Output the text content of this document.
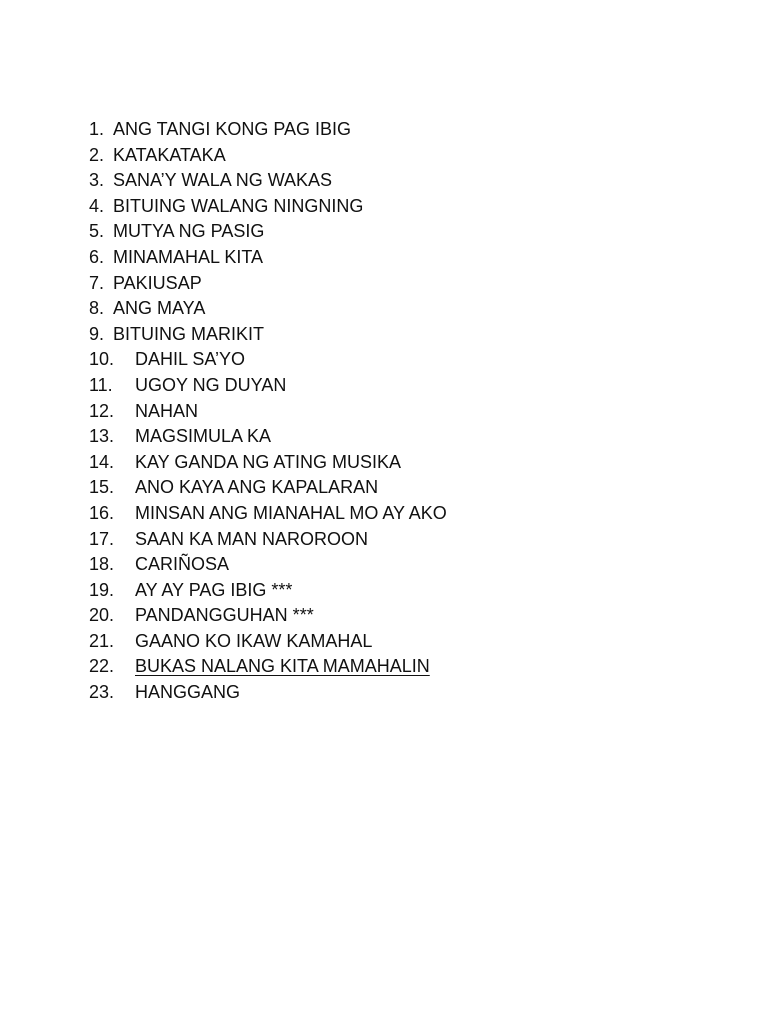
1. ANG TANGI KONG PAG IBIG
2. KATAKATAKA
3. SANA’Y WALA NG WAKAS
4. BITUING WALANG NINGNING
5. MUTYA NG PASIG
6. MINAMAHAL KITA
7. PAKIUSAP
8. ANG MAYA
9. BITUING MARIKIT
10. DAHIL SA’YO
11. UGOY NG DUYAN
12. NAHAN
13. MAGSIMULA KA
14. KAY GANDA NG ATING MUSIKA
15. ANO KAYA ANG KAPALARAN
16. MINSAN ANG MIANAHAL MO AY AKO
17. SAAN KA MAN NAROROON
18. CARIÑOSA
19. AY AY PAG IBIG ***
20. PANDANGGUHAN ***
21. GAANO KO IKAW KAMAHAL
22. BUKAS NALANG KITA MAMAHALIN
23. HANGGANG
